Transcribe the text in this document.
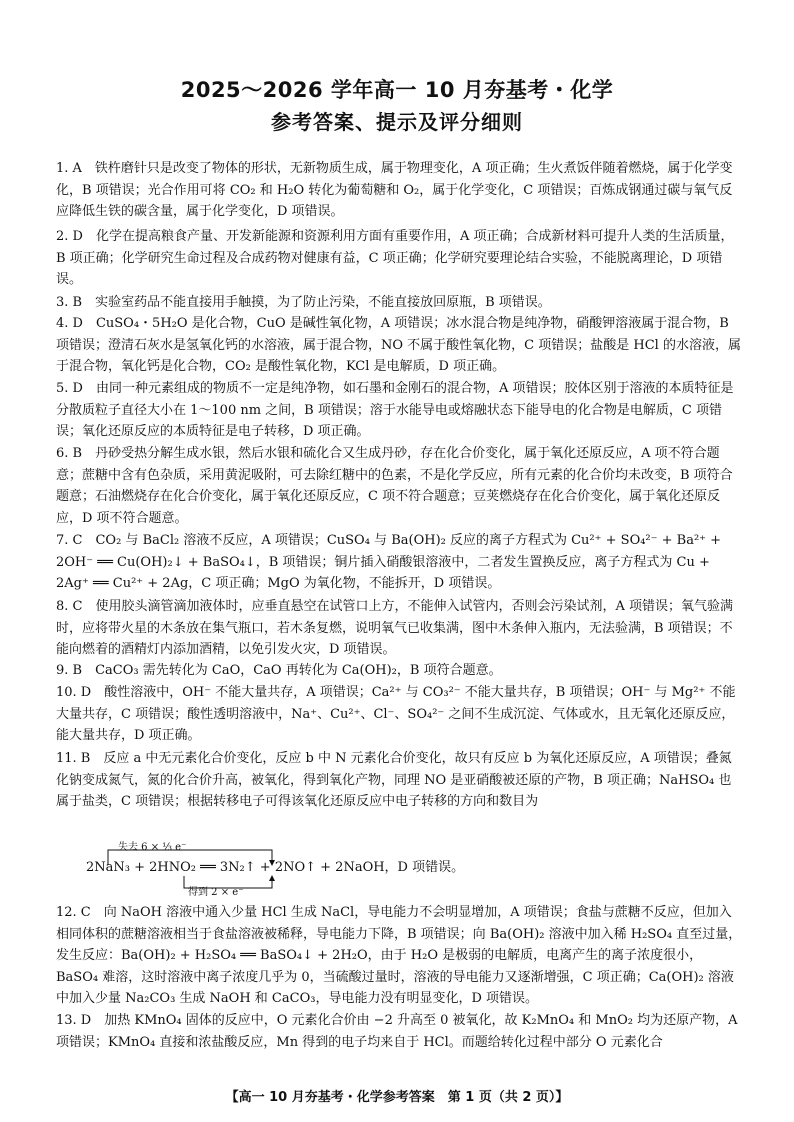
2025～2026 学年高一 10 月夯基考・化学
参考答案、提示及评分细则
1. A　铁杵磨针只是改变了物体的形状，无新物质生成，属于物理变化，A 项正确；生火煮饭伴随着燃烧，属于化学变化，B 项错误；光合作用可将 CO₂ 和 H₂O 转化为葡萄糖和 O₂，属于化学变化，C 项错误；百炼成钢通过碳与氧气反应降低生铁的碳含量，属于化学变化，D 项错误。
2. D　化学在提高粮食产量、开发新能源和资源利用方面有重要作用，A 项正确；合成新材料可提升人类的生活质量，B 项正确；化学研究生命过程及合成药物对健康有益，C 项正确；化学研究要理论结合实验，不能脱离理论，D 项错误。
3. B　实验室药品不能直接用手触摸，为了防止污染，不能直接放回原瓶，B 项错误。
4. D　CuSO₄・5H₂O 是化合物，CuO 是碱性氧化物，A 项错误；冰水混合物是纯净物，硝酸钾溶液属于混合物，B 项错误；澄清石灰水是氢氧化钙的水溶液，属于混合物，NO 不属于酸性氧化物，C 项错误；盐酸是 HCl 的水溶液，属于混合物，氧化钙是化合物，CO₂ 是酸性氧化物，KCl 是电解质，D 项正确。
5. D　由同一种元素组成的物质不一定是纯净物，如石墨和金刚石的混合物，A 项错误；胶体区别于溶液的本质特征是分散质粒子直径大小在 1～100 nm 之间，B 项错误；溶于水能导电或熔融状态下能导电的化合物是电解质，C 项错误；氧化还原反应的本质特征是电子转移，D 项正确。
6. B　丹砂受热分解生成水银，然后水银和硫化合又生成丹砂，存在化合价变化，属于氧化还原反应，A 项不符合题意；蔗糖中含有色杂质，采用黄泥吸附，可去除红糖中的色素，不是化学反应，所有元素的化合价均未改变，B 项符合题意；石油燃烧存在化合价变化，属于氧化还原反应，C 项不符合题意；豆荚燃烧存在化合价变化，属于氧化还原反应，D 项不符合题意。
7. C　CO₂ 与 BaCl₂ 溶液不反应，A 项错误；CuSO₄ 与 Ba(OH)₂ 反应的离子方程式为 Cu²⁺ + SO₄²⁻ + Ba²⁺ + 2OH⁻ ══ Cu(OH)₂↓ + BaSO₄↓，B 项错误；铜片插入硝酸银溶液中，二者发生置换反应，离子方程式为 Cu + 2Ag⁺ ══ Cu²⁺ + 2Ag，C 项正确；MgO 为氧化物，不能拆开，D 项错误。
8. C　使用胶头滴管滴加液体时，应垂直悬空在试管口上方，不能伸入试管内，否则会污染试剂，A 项错误；氧气验满时，应将带火星的木条放在集气瓶口，若木条复燃，说明氧气已收集满，图中木条伸入瓶内，无法验满，B 项错误；不能向燃着的酒精灯内添加酒精，以免引发火灾，D 项错误。
9. B　CaCO₃ 需先转化为 CaO，CaO 再转化为 Ca(OH)₂，B 项符合题意。
10. D　酸性溶液中，OH⁻ 不能大量共存，A 项错误；Ca²⁺ 与 CO₃²⁻ 不能大量共存，B 项错误；OH⁻ 与 Mg²⁺ 不能大量共存，C 项错误；酸性透明溶液中，Na⁺、Cu²⁺、Cl⁻、SO₄²⁻ 之间不生成沉淀、气体或水，且无氧化还原反应，能大量共存，D 项正确。
11. B　反应 a 中无元素化合价变化，反应 b 中 N 元素化合价变化，故只有反应 b 为氧化还原反应，A 项错误；叠氮化钠变成氮气，氮的化合价升高，被氧化，得到氧化产物，同理 NO 是亚硝酸被还原的产物，B 项正确；NaHSO₄ 也属于盐类，C 项错误；根据转移电子可得该氧化还原反应中电子转移的方向和数目为
失去 6 × ⅓ e⁻
2NaN₃ + 2HNO₂ ══ 3N₂↑ + 2NO↑ + 2NaOH，D 项错误。
得到 2 × e⁻
12. C　向 NaOH 溶液中通入少量 HCl 生成 NaCl，导电能力不会明显增加，A 项错误；食盐与蔗糖不反应，但加入相同体积的蔗糖溶液相当于食盐溶液被稀释，导电能力下降，B 项错误；向 Ba(OH)₂ 溶液中加入稀 H₂SO₄ 直至过量，发生反应：Ba(OH)₂ + H₂SO₄ ══ BaSO₄↓ + 2H₂O，由于 H₂O 是极弱的电解质，电离产生的离子浓度很小，BaSO₄ 难溶，这时溶液中离子浓度几乎为 0，当硫酸过量时，溶液的导电能力又逐渐增强，C 项正确；Ca(OH)₂ 溶液中加入少量 Na₂CO₃ 生成 NaOH 和 CaCO₃，导电能力没有明显变化，D 项错误。
13. D　加热 KMnO₄ 固体的反应中，O 元素化合价由 −2 升高至 0 被氧化，故 K₂MnO₄ 和 MnO₂ 均为还原产物，A 项错误；KMnO₄ 直接和浓盐酸反应，Mn 得到的电子均来自于 HCl。而题给转化过程中部分 O 元素化合
【高一 10 月夯基考・化学参考答案　第 1 页（共 2 页）】
